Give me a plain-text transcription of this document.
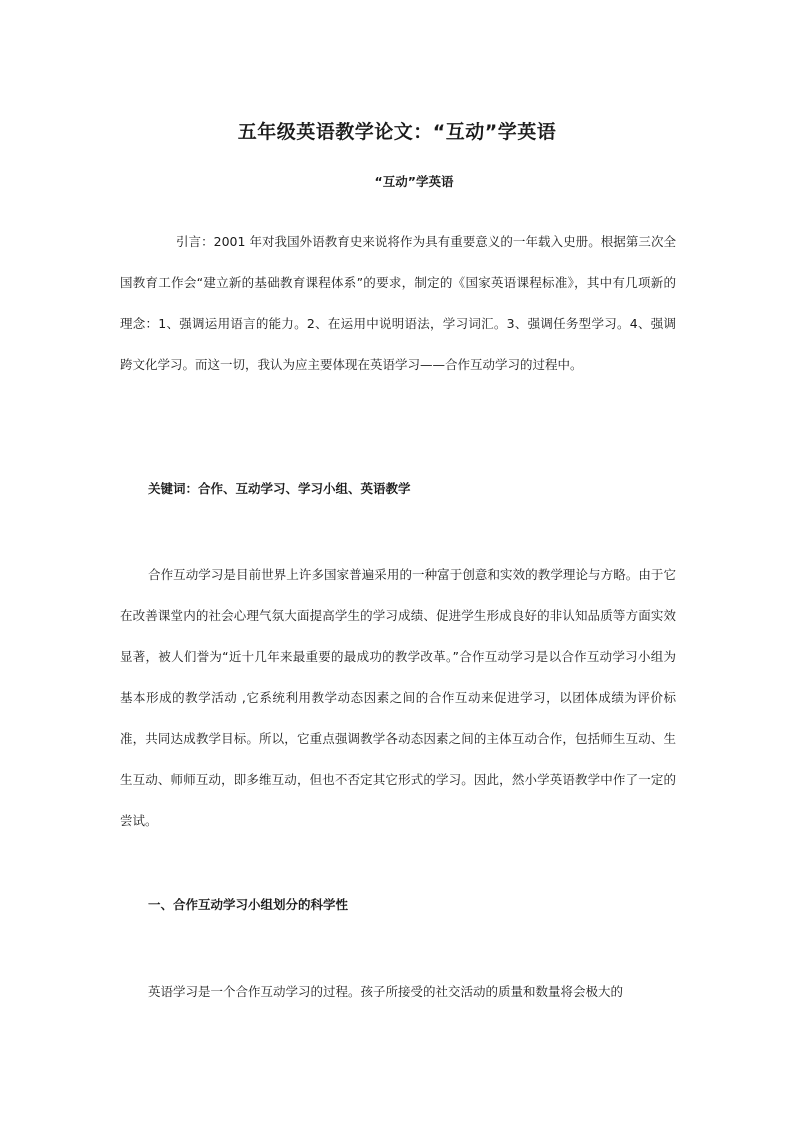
五年级英语教学论文：“互动”学英语
“互动”学英语

引言：2001 年对我国外语教育史来说将作为具有重要意义的一年载入史册。根据第三次全国教育工作会“建立新的基础教育课程体系”的要求，制定的《国家英语课程标准》，其中有几项新的理念：1、强调运用语言的能力。2、在运用中说明语法，学习词汇。3、强调任务型学习。4、强调跨文化学习。而这一切，我认为应主要体现在英语学习——合作互动学习的过程中。

关键词：合作、互动学习、学习小组、英语教学

合作互动学习是目前世界上许多国家普遍采用的一种富于创意和实效的教学理论与方略。由于它在改善课堂内的社会心理气氛大面提高学生的学习成绩、促进学生形成良好的非认知品质等方面实效显著，被人们誉为“近十几年来最重要的最成功的教学改革。”合作互动学习是以合作互动学习小组为基本形成的教学活动 ,它系统利用教学动态因素之间的合作互动来促进学习，以团体成绩为评价标准，共同达成教学目标。所以，它重点强调教学各动态因素之间的主体互动合作，包括师生互动、生生互动、师师互动，即多维互动，但也不否定其它形式的学习。因此，然小学英语教学中作了一定的尝试。

一、合作互动学习小组划分的科学性

英语学习是一个合作互动学习的过程。孩子所接受的社交活动的质量和数量将会极大的
